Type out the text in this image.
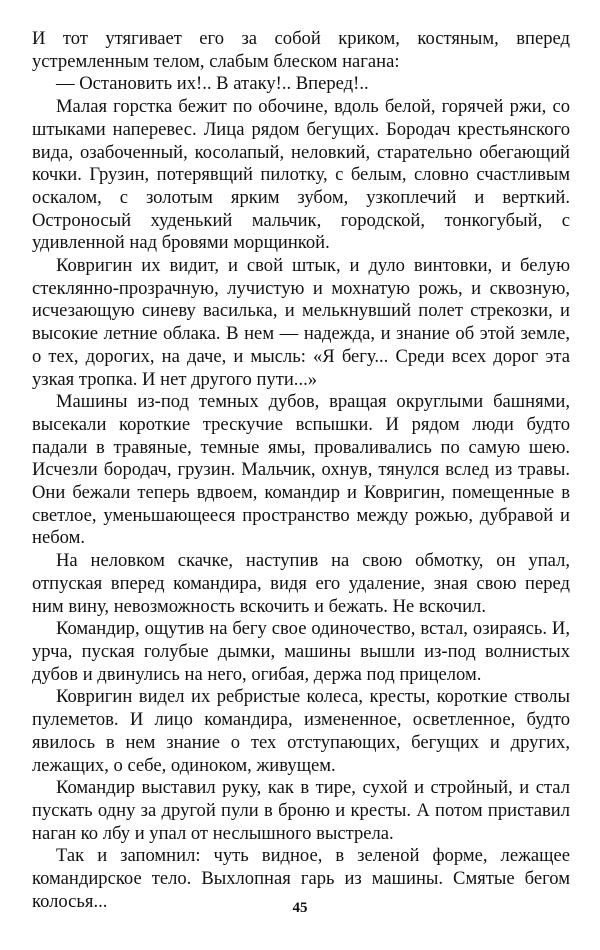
И тот утягивает его за собой криком, костяным, вперед устремленным телом, слабым блеском нагана:

— Остановить их!.. В атаку!.. Вперед!..

Малая горстка бежит по обочине, вдоль белой, горячей ржи, со штыками наперевес. Лица рядом бегущих. Бородач крестьянского вида, озабоченный, косолапый, неловкий, старательно обегающий кочки. Грузин, потерявщий пилотку, с белым, словно счастливым оскалом, с золотым ярким зубом, узкоплечий и верткий. Остроносый худенький мальчик, городской, тонкогубый, с удивленной над бровями морщинкой.

Ковригин их видит, и свой штык, и дуло винтовки, и белую стеклянно-прозрачную, лучистую и мохнатую рожь, и сквозную, исчезающую синеву василька, и мелькнувший полет стрекозки, и высокие летние облака. В нем — надежда, и знание об этой земле, о тех, дорогих, на даче, и мысль: «Я бегу... Среди всех дорог эта узкая тропка. И нет другого пути...»

Машины из-под темных дубов, вращая округлыми башнями, высекали короткие трескучие вспышки. И рядом люди будто падали в травяные, темные ямы, проваливались по самую шею. Исчезли бородач, грузин. Мальчик, охнув, тянулся вслед из травы. Они бежали теперь вдвоем, командир и Ковригин, помещенные в светлое, уменьшающееся пространство между рожью, дубравой и небом.

На неловком скачке, наступив на свою обмотку, он упал, отпуская вперед командира, видя его удаление, зная свою перед ним вину, невозможность вскочить и бежать. Не вскочил.

Командир, ощутив на бегу свое одиночество, встал, озираясь. И, урча, пуская голубые дымки, машины вышли из-под волнистых дубов и двинулись на него, огибая, держа под прицелом.

Ковригин видел их ребристые колеса, кресты, короткие стволы пулеметов. И лицо командира, измененное, осветленное, будто явилось в нем знание о тех отступающих, бегущих и других, лежащих, о себе, одиноком, живущем.

Командир выставил руку, как в тире, сухой и стройный, и стал пускать одну за другой пули в броню и кресты. А потом приставил наган ко лбу и упал от неслышного выстрела.

Так и запомнил: чуть видное, в зеленой форме, лежащее командирское тело. Выхлопная гарь из машины. Смятые бегом колосья...	45
